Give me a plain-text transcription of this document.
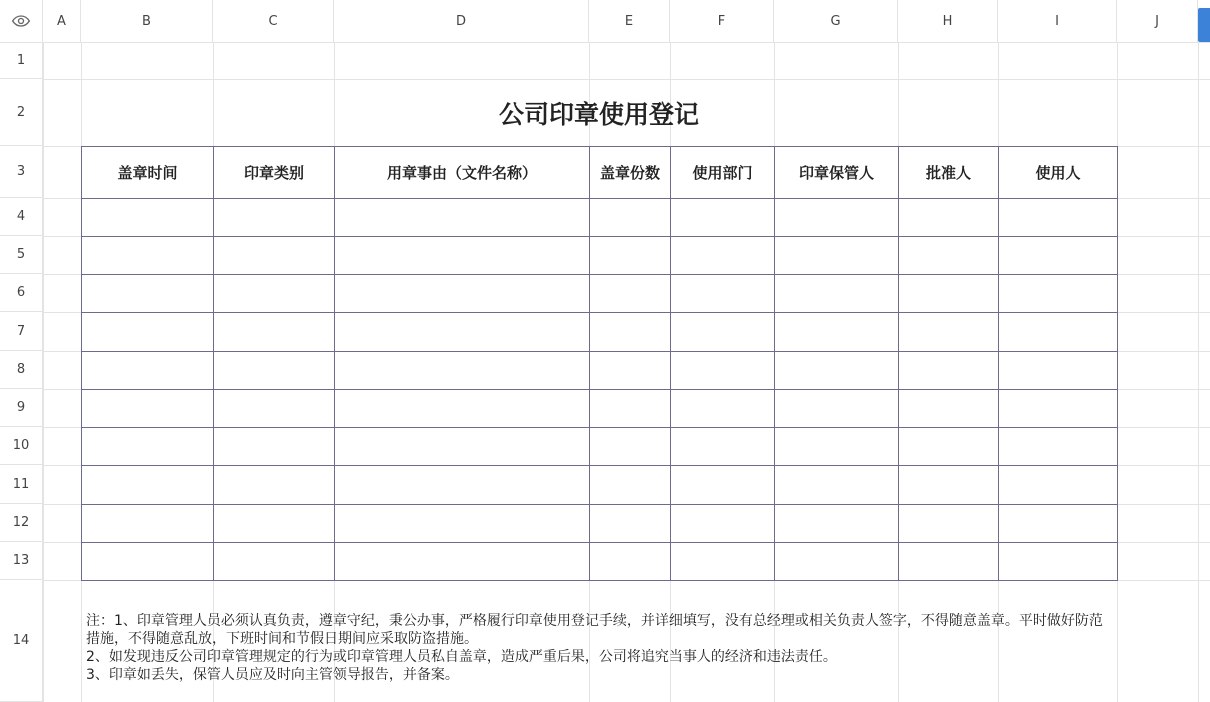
A	B	C	D	E	F	G	H	I	J
1
2
3
4
5
6
7
8
9
10
11
12
13
14
公司印章使用登记
盖章时间	印章类别	用章事由（文件名称）	盖章份数	使用部门	印章保管人	批准人	使用人

注：1、印章管理人员必须认真负责，遵章守纪，秉公办事，严格履行印章使用登记手续，并详细填写，没有总经理或相关负责人签字，不得随意盖章。平时做好防范措施，不得随意乱放，下班时间和节假日期间应采取防盗措施。

2、如发现违反公司印章管理规定的行为或印章管理人员私自盖章，造成严重后果，公司将追究当事人的经济和违法责任。

3、印章如丢失，保管人员应及时向主管领导报告，并备案。
